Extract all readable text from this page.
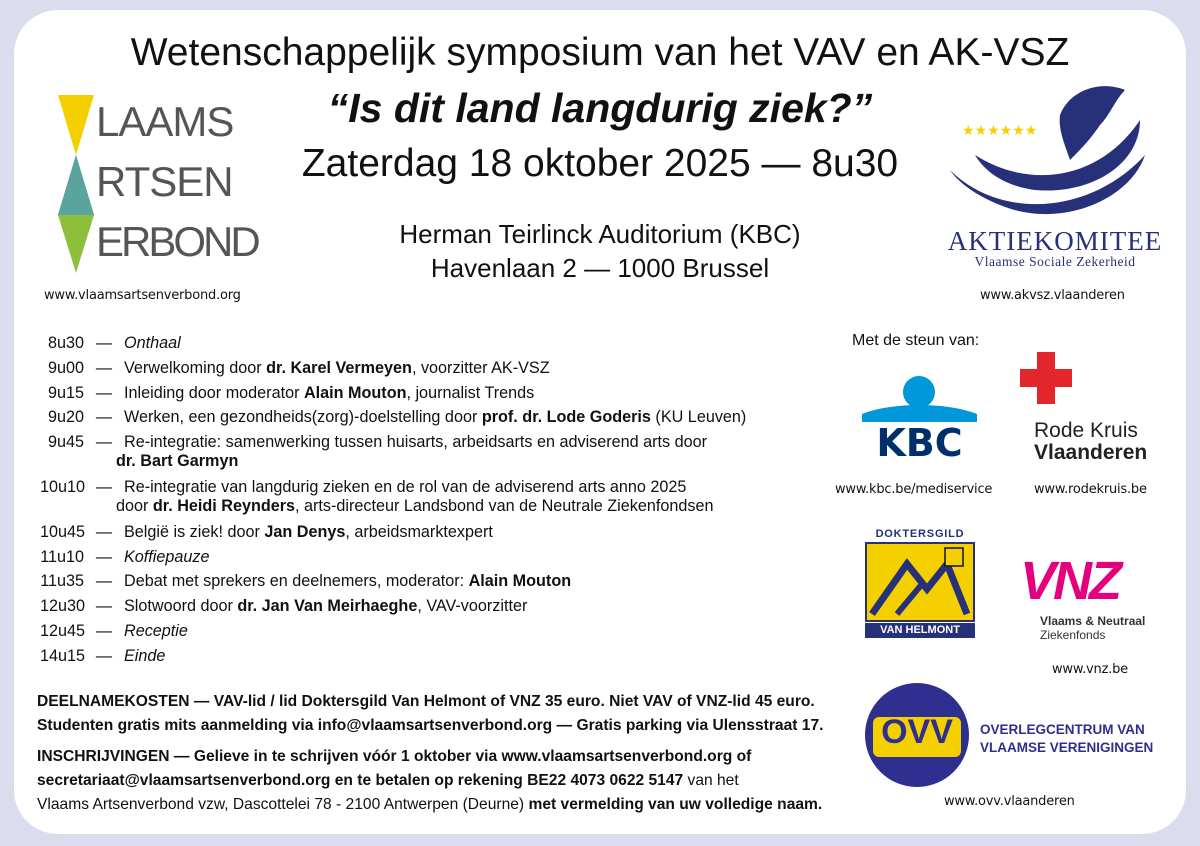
Wetenschappelijk symposium van het VAV en AK-VSZ
“Is dit land langdurig ziek?”
Zaterdag 18 oktober 2025 — 8u30
Herman Teirlinck Auditorium (KBC)
Havenlaan 2 — 1000 Brussel
LAAMS
RTSEN
ERBOND
www.vlaamsartsenverbond.org
★★★★★★
AKTIEKOMITEE
Vlaamse Sociale Zekerheid
www.akvsz.vlaanderen
8u30 — Onthaal
9u00 — Verwelkoming door dr. Karel Vermeyen, voorzitter AK-VSZ
9u15 — Inleiding door moderator Alain Mouton, journalist Trends
9u20 — Werken, een gezondheids(zorg)-doelstelling door prof. dr. Lode Goderis (KU Leuven)
9u45 — Re-integratie: samenwerking tussen huisarts, arbeidsarts en adviserend arts door
dr. Bart Garmyn
10u10 — Re-integratie van langdurig zieken en de rol van de adviserend arts anno 2025
door dr. Heidi Reynders, arts-directeur Landsbond van de Neutrale Ziekenfondsen
10u45 — België is ziek! door Jan Denys, arbeidsmarktexpert
11u10 — Koffiepauze
11u35 — Debat met sprekers en deelnemers, moderator: Alain Mouton
12u30 — Slotwoord door dr. Jan Van Meirhaeghe, VAV-voorzitter
12u45 — Receptie
14u15 — Einde
DEELNAMEKOSTEN — VAV-lid / lid Doktersgild Van Helmont of VNZ 35 euro. Niet VAV of VNZ-lid 45 euro.
Studenten gratis mits aanmelding via info@vlaamsartsenverbond.org — Gratis parking via Ulensstraat 17.
INSCHRIJVINGEN — Gelieve in te schrijven vóór 1 oktober via www.vlaamsartsenverbond.org of
secretariaat@vlaamsartsenverbond.org en te betalen op rekening BE22 4073 0622 5147 van het
Vlaams Artsenverbond vzw, Dascottelei 78 - 2100 Antwerpen (Deurne) met vermelding van uw volledige naam.
Met de steun van:
KBC
www.kbc.be/mediservice
Rode Kruis
Vlaanderen
www.rodekruis.be
DOKTERSGILD
VAN HELMONT
VNZ
Vlaams & Neutraal
Ziekenfonds
www.vnz.be
OVV	OVERLEGCENTRUM VAN
VLAAMSE VERENIGINGEN
www.ovv.vlaanderen
